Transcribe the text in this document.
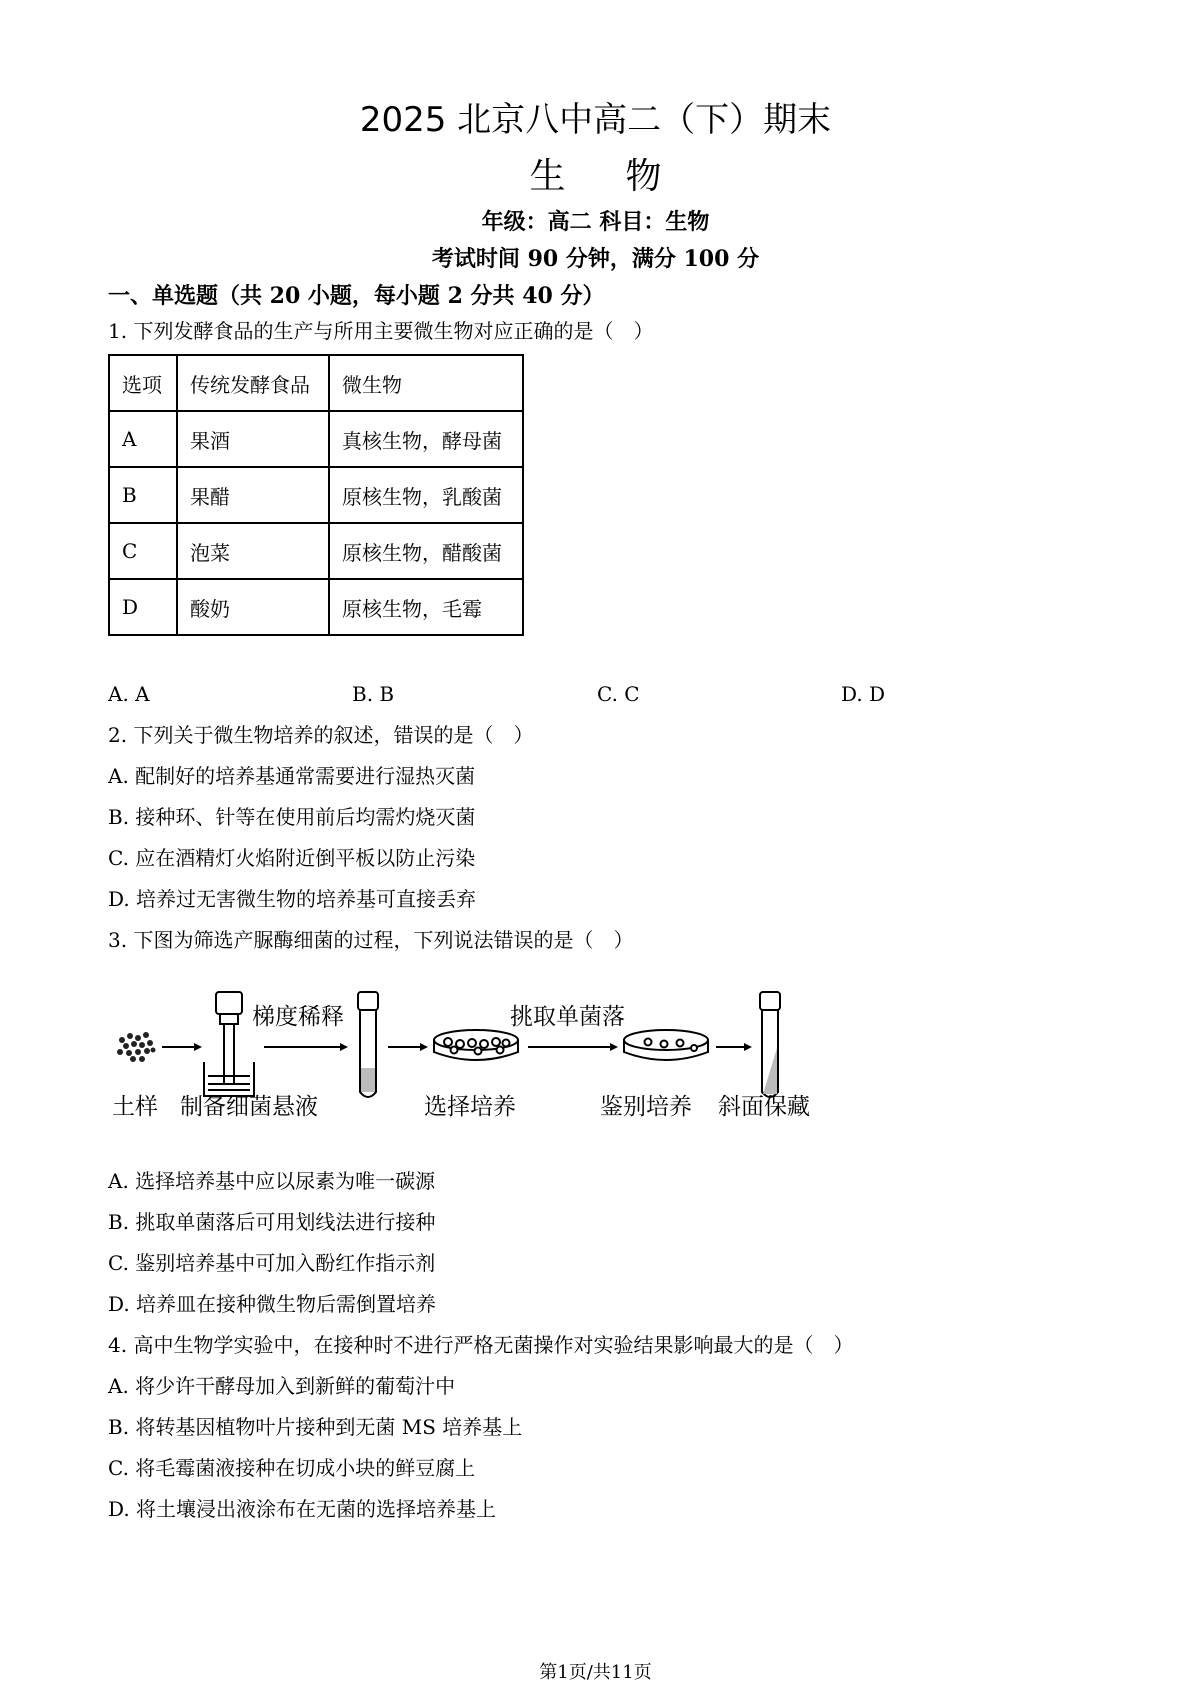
2025 北京八中高二（下）期末
生物
年级：高二 科目：生物
考试时间 90 分钟，满分 100 分
一、单选题（共 20 小题，每小题 2 分共 40 分）
1. 下列发酵食品的生产与所用主要微生物对应正确的是（　）
选项	传统发酵食品	微生物
A	果酒	真核生物，酵母菌
B	果醋	原核生物，乳酸菌
C	泡菜	原核生物，醋酸菌
D	酸奶	原核生物，毛霉
A. A	B. B	C. C	D. D
2. 下列关于微生物培养的叙述，错误的是（　）
A. 配制好的培养基通常需要进行湿热灭菌
B. 接种环、针等在使用前后均需灼烧灭菌
C. 应在酒精灯火焰附近倒平板以防止污染
D. 培养过无害微生物的培养基可直接丢弃
3. 下图为筛选产脲酶细菌的过程，下列说法错误的是（　）
梯度稀释	挑取单菌落
土样 制备细菌悬液	选择培养	鉴别培养 斜面保藏
A. 选择培养基中应以尿素为唯一碳源
B. 挑取单菌落后可用划线法进行接种
C. 鉴别培养基中可加入酚红作指示剂
D. 培养皿在接种微生物后需倒置培养
4. 高中生物学实验中，在接种时不进行严格无菌操作对实验结果影响最大的是（　）
A. 将少许干酵母加入到新鲜的葡萄汁中
B. 将转基因植物叶片接种到无菌 MS 培养基上
C. 将毛霉菌液接种在切成小块的鲜豆腐上
D. 将土壤浸出液涂布在无菌的选择培养基上
第1页/共11页
